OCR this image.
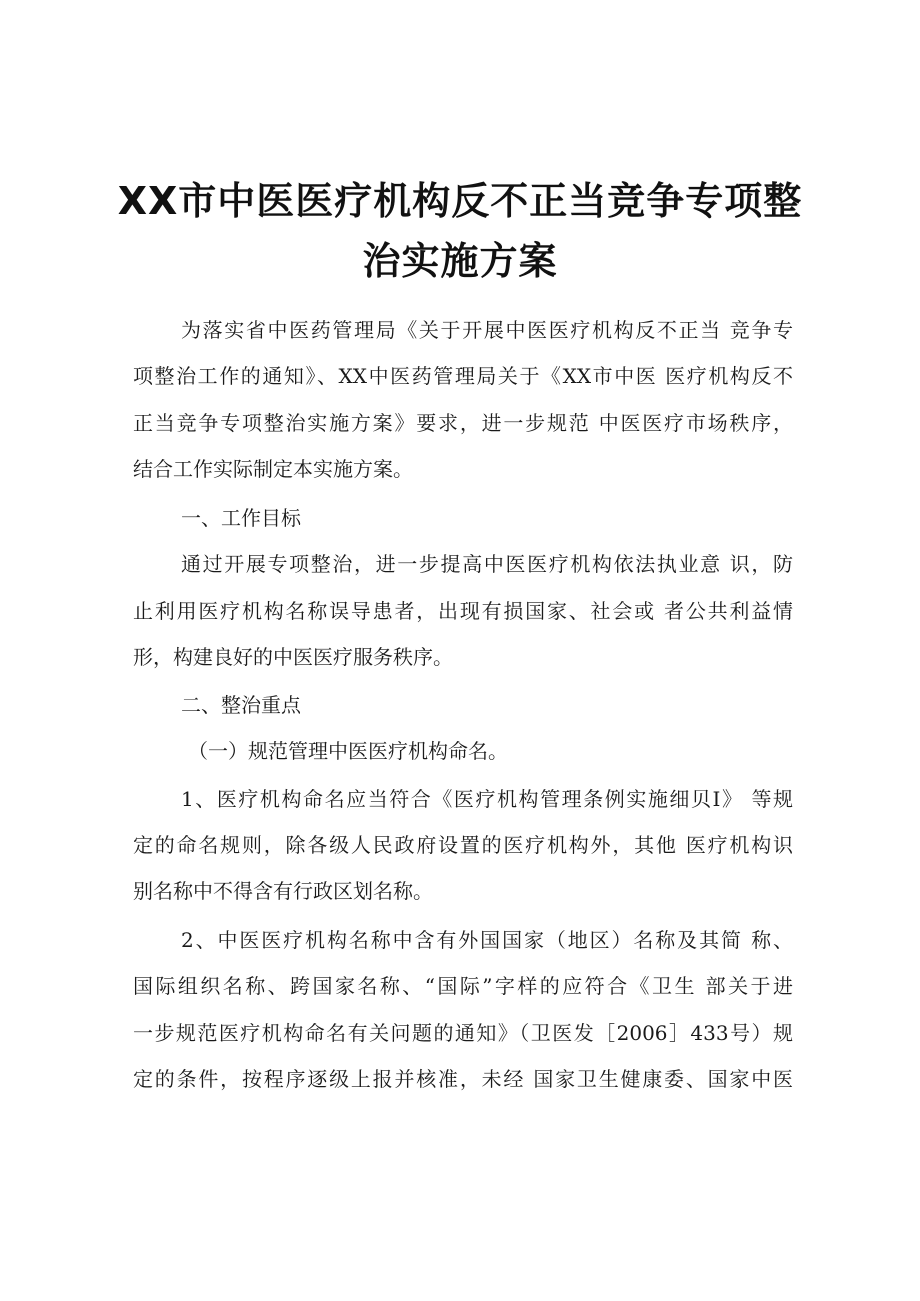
XX市中医医疗机构反不正当竞争专项整
治实施方案
为落实省中医药管理局《关于开展中医医疗机构反不正当 竞争专
项整治工作的通知》、XX中医药管理局关于《XX市中医 医疗机构反不
正当竞争专项整治实施方案》要求，进一步规范 中医医疗市场秩序，
结合工作实际制定本实施方案。
一、工作目标
通过开展专项整治，进一步提高中医医疗机构依法执业意 识，防
止利用医疗机构名称误导患者，出现有损国家、社会或 者公共利益情
形，构建良好的中医医疗服务秩序。
二、整治重点
（一）规范管理中医医疗机构命名。
1、医疗机构命名应当符合《医疗机构管理条例实施细贝I》 等规
定的命名规则，除各级人民政府设置的医疗机构外，其他 医疗机构识
别名称中不得含有行政区划名称。
2、中医医疗机构名称中含有外国国家（地区）名称及其简 称、
国际组织名称、跨国家名称、“国际”字样的应符合《卫生 部关于进
一步规范医疗机构命名有关问题的通知》（卫医发［2006］433号）规
定的条件，按程序逐级上报并核准，未经 国家卫生健康委、国家中医
